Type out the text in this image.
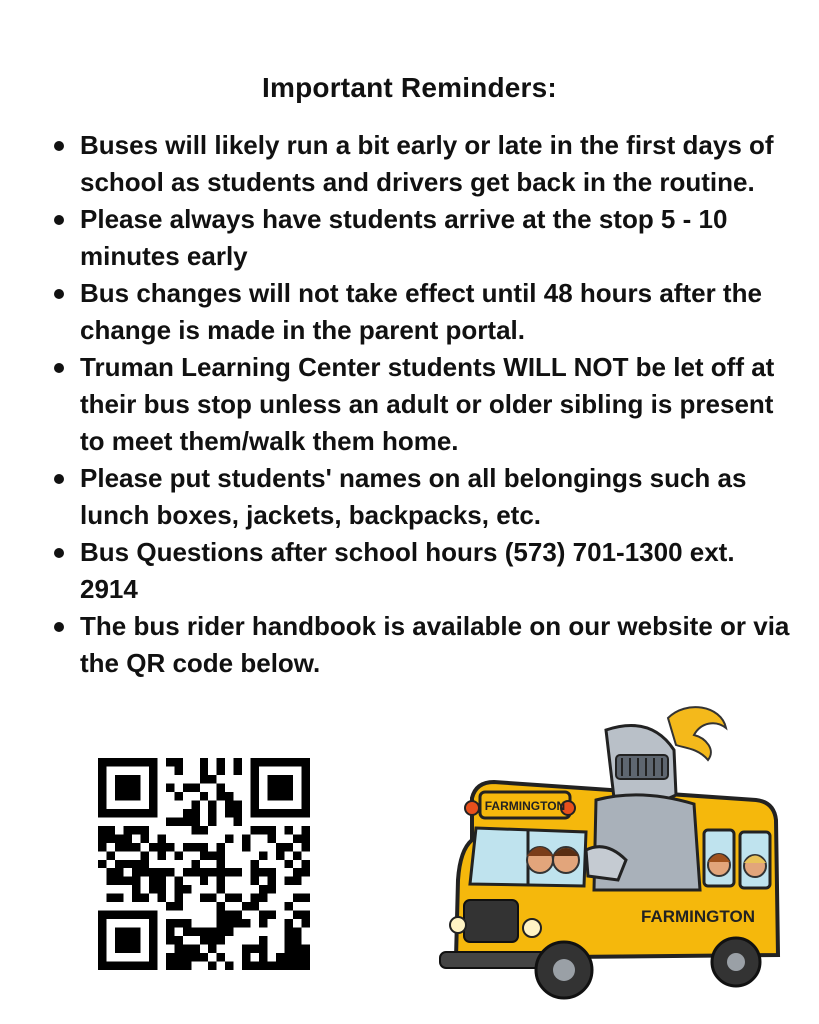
Important Reminders:
Buses will likely run a bit early or late in the first days of school as students and drivers get back in the routine.
Please always have students arrive at the stop 5 - 10 minutes early
Bus changes will not take effect until 48 hours after the change is made in the parent portal.
Truman Learning Center students WILL NOT be let off at their bus stop unless an adult or older sibling is present to meet them/walk them home.
Please put students' names on all belongings such as lunch boxes, jackets, backpacks, etc.
Bus Questions after school hours (573) 701-1300 ext. 2914
The bus rider handbook is available on our website or via the QR code below.
FARMINGTON
FARMINGTON
